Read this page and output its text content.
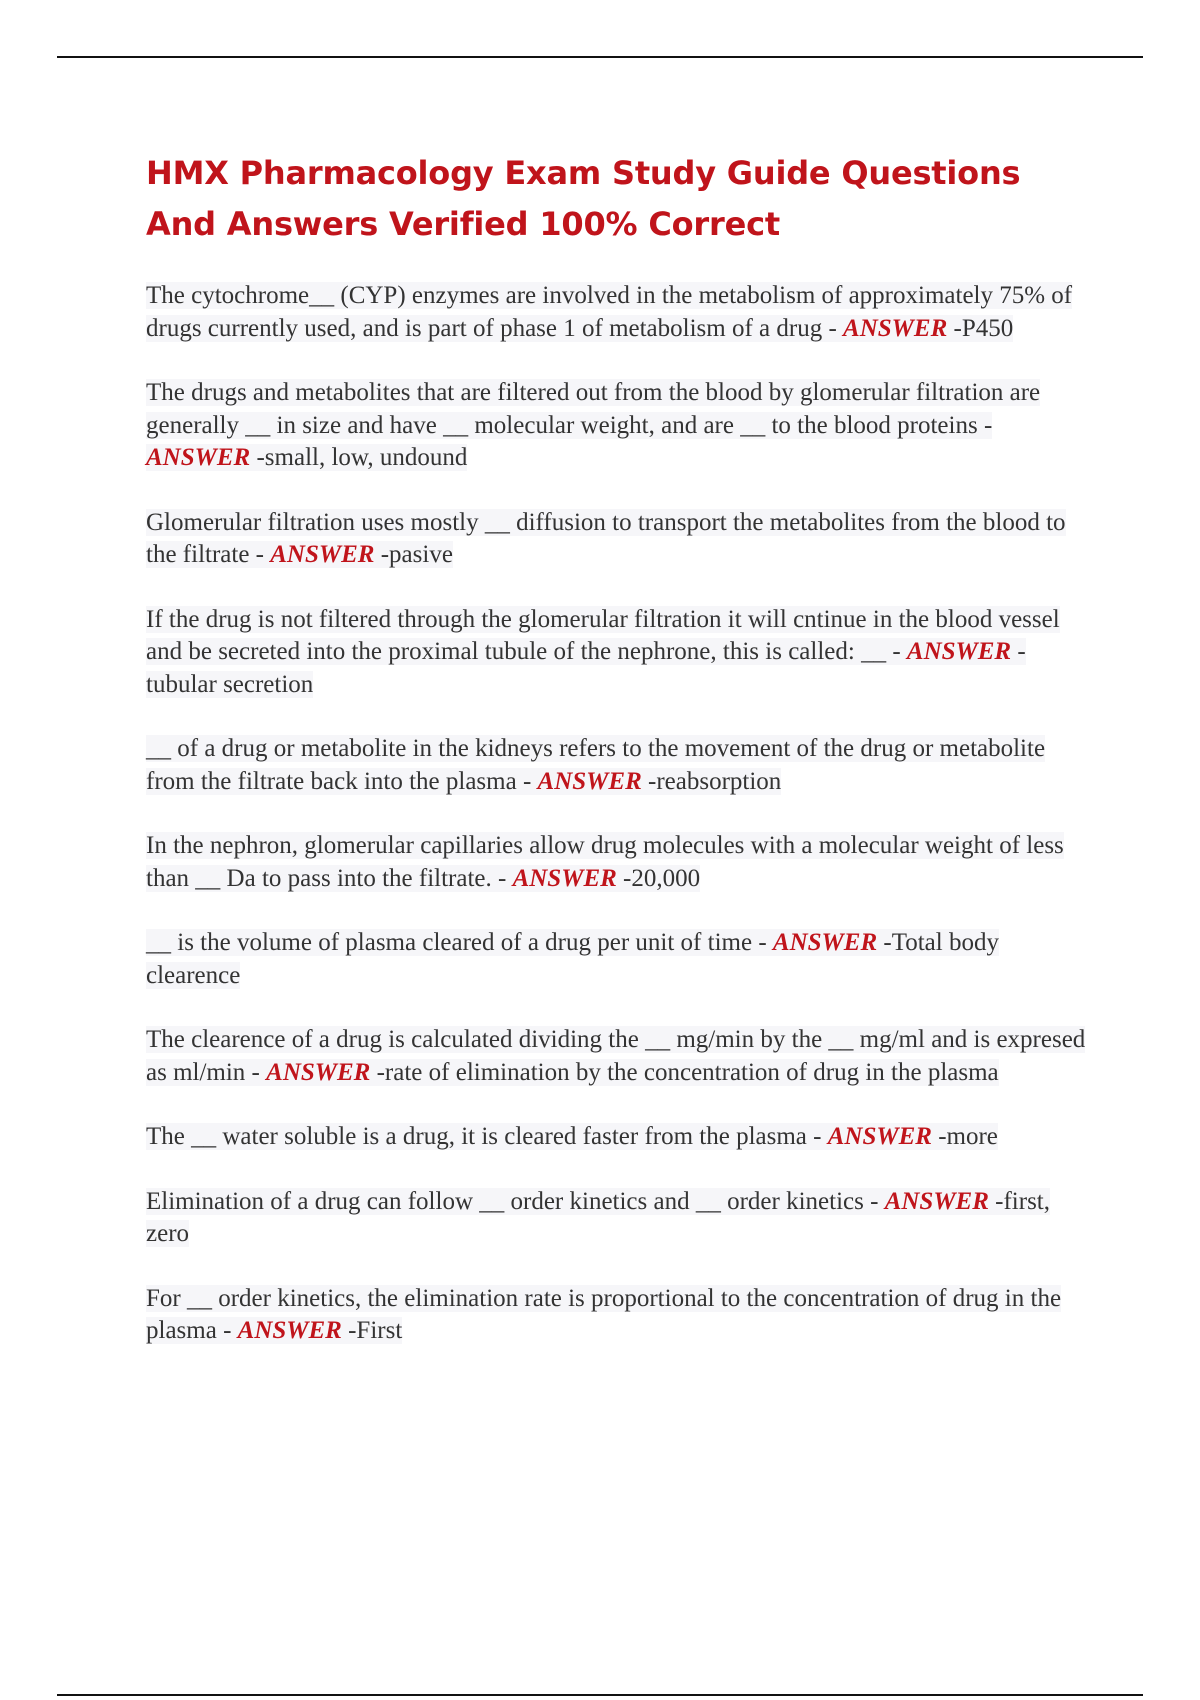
HMX Pharmacology Exam Study Guide Questions And Answers Verified 100% Correct
The cytochrome__ (CYP) enzymes are involved in the metabolism of approximately 75% of drugs currently used, and is part of phase 1 of metabolism of a drug - ANSWER -P450
The drugs and metabolites that are filtered out from the blood by glomerular filtration are generally __ in size and have __ molecular weight, and are __ to the blood proteins - ANSWER -small, low, undound
Glomerular filtration uses mostly __ diffusion to transport the metabolites from the blood to the filtrate - ANSWER -pasive
If the drug is not filtered through the glomerular filtration it will cntinue in the blood vessel and be secreted into the proximal tubule of the nephrone, this is called: __ - ANSWER -tubular secretion
__ of a drug or metabolite in the kidneys refers to the movement of the drug or metabolite from the filtrate back into the plasma - ANSWER -reabsorption
In the nephron, glomerular capillaries allow drug molecules with a molecular weight of less than __ Da to pass into the filtrate. - ANSWER -20,000
__ is the volume of plasma cleared of a drug per unit of time - ANSWER -Total body clearence
The clearence of a drug is calculated dividing the __ mg/min by the __ mg/ml and is expresed as ml/min - ANSWER -rate of elimination by the concentration of drug in the plasma
The __ water soluble is a drug, it is cleared faster from the plasma - ANSWER -more
Elimination of a drug can follow __ order kinetics and __ order kinetics - ANSWER -first, zero
For __ order kinetics, the elimination rate is proportional to the concentration of drug in the plasma - ANSWER -First
